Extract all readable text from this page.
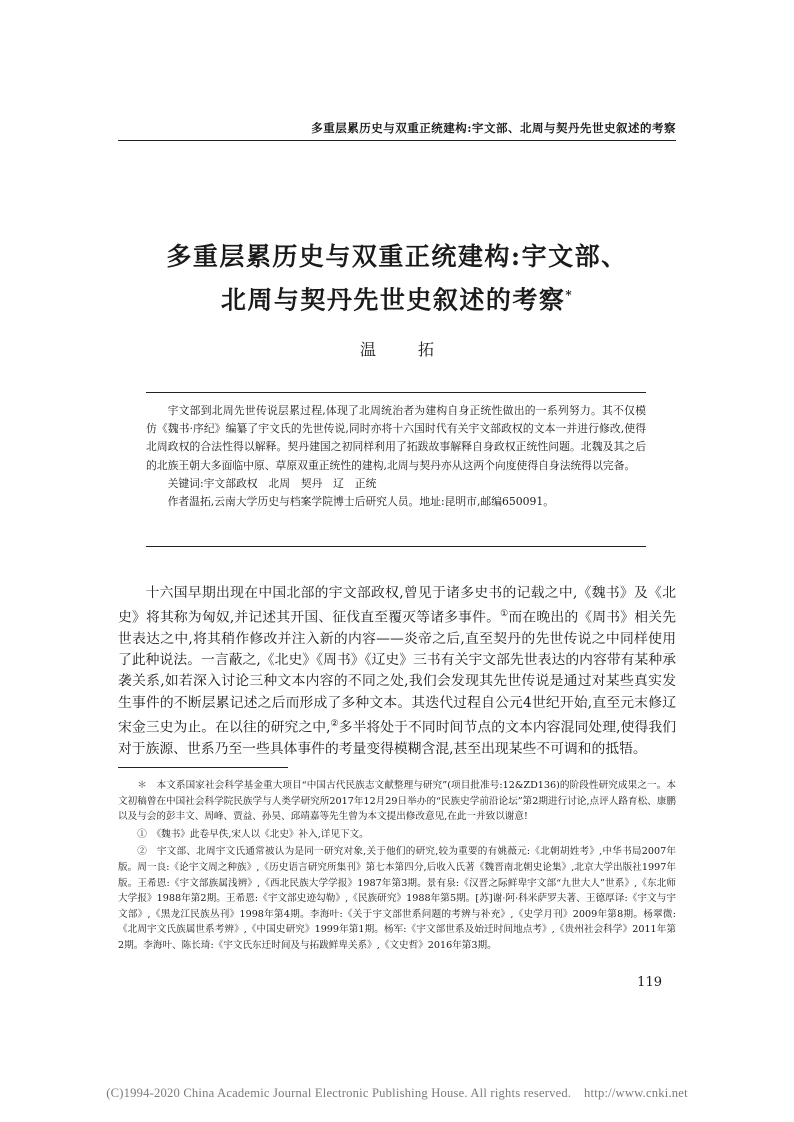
多重层累历史与双重正统建构:宇文部、北周与契丹先世史叙述的考察
多重层累历史与双重正统建构:宇文部、
北周与契丹先世史叙述的考察*
温拓

宇文部到北周先世传说层累过程,体现了北周统治者为建构自身正统性做出的一系列努力。其不仅模仿《魏书·序纪》编纂了宇文氏的先世传说,同时亦将十六国时代有关宇文部政权的文本一并进行修改,使得北周政权的合法性得以解释。契丹建国之初同样利用了拓跋故事解释自身政权正统性问题。北魏及其之后的北族王朝大多面临中原、草原双重正统性的建构,北周与契丹亦从这两个向度使得自身法统得以完备。

关键词:宇文部政权　北周　契丹　辽　正统

作者温拓,云南大学历史与档案学院博士后研究人员。地址:昆明市,邮编650091。

十六国早期出现在中国北部的宇文部政权,曾见于诸多史书的记载之中,《魏书》及《北史》将其称为匈奴,并记述其开国、征伐直至覆灭等诸多事件。①而在晚出的《周书》相关先世表达之中,将其稍作修改并注入新的内容——炎帝之后,直至契丹的先世传说之中同样使用了此种说法。一言蔽之,《北史》《周书》《辽史》三书有关宇文部先世表达的内容带有某种承袭关系,如若深入讨论三种文本内容的不同之处,我们会发现其先世传说是通过对某些真实发生事件的不断层累记述之后而形成了多种文本。其迭代过程自公元4世纪开始,直至元末修辽宋金三史为止。在以往的研究之中,②多半将处于不同时间节点的文本内容混同处理,使得我们对于族源、世系乃至一些具体事件的考量变得模糊含混,甚至出现某些不可调和的抵牾。

＊　本文系国家社会科学基金重大项目“中国古代民族志文献整理与研究”(项目批准号:12&ZD136)的阶段性研究成果之一。本文初稿曾在中国社会科学院民族学与人类学研究所2017年12月29日举办的“民族史学前沿论坛”第2期进行讨论,点评人路育松、康鹏以及与会的彭丰文、周峰、贾益、孙昊、邱靖嘉等先生曾为本文提出修改意见,在此一并致以谢意!

①　《魏书》此卷早佚,宋人以《北史》补入,详见下文。

②　宇文部、北周宇文氏通常被认为是同一研究对象,关于他们的研究,较为重要的有姚薇元:《北朝胡姓考》,中华书局2007年版。周一良:《论宇文周之种族》,《历史语言研究所集刊》第七本第四分,后收入氏著《魏晋南北朝史论集》,北京大学出版社1997年版。王希恩:《宇文部族属浅辨》,《西北民族大学学报》1987年第3期。景有泉:《汉晋之际鲜卑宇文部“九世大人”世系》,《东北师大学报》1988年第2期。王希恩:《宇文部史迹勾勒》,《民族研究》1988年第5期。[苏]谢·阿·科米萨罗夫著、王德厚译:《宇文与宇文部》,《黑龙江民族丛刊》1998年第4期。李海叶:《关于宇文部世系问题的考辨与补充》,《史学月刊》2009年第8期。杨翠微:《北周宇文氏族属世系考辨》,《中国史研究》1999年第1期。杨军:《宇文部世系及始迁时间地点考》,《贵州社会科学》2011年第2期。李海叶、陈长琦:《宇文氏东迁时间及与拓跋鲜卑关系》,《文史哲》2016年第3期。

119
(C)1994-2020 China Academic Journal Electronic Publishing House. All rights reserved.　http://www.cnki.net
